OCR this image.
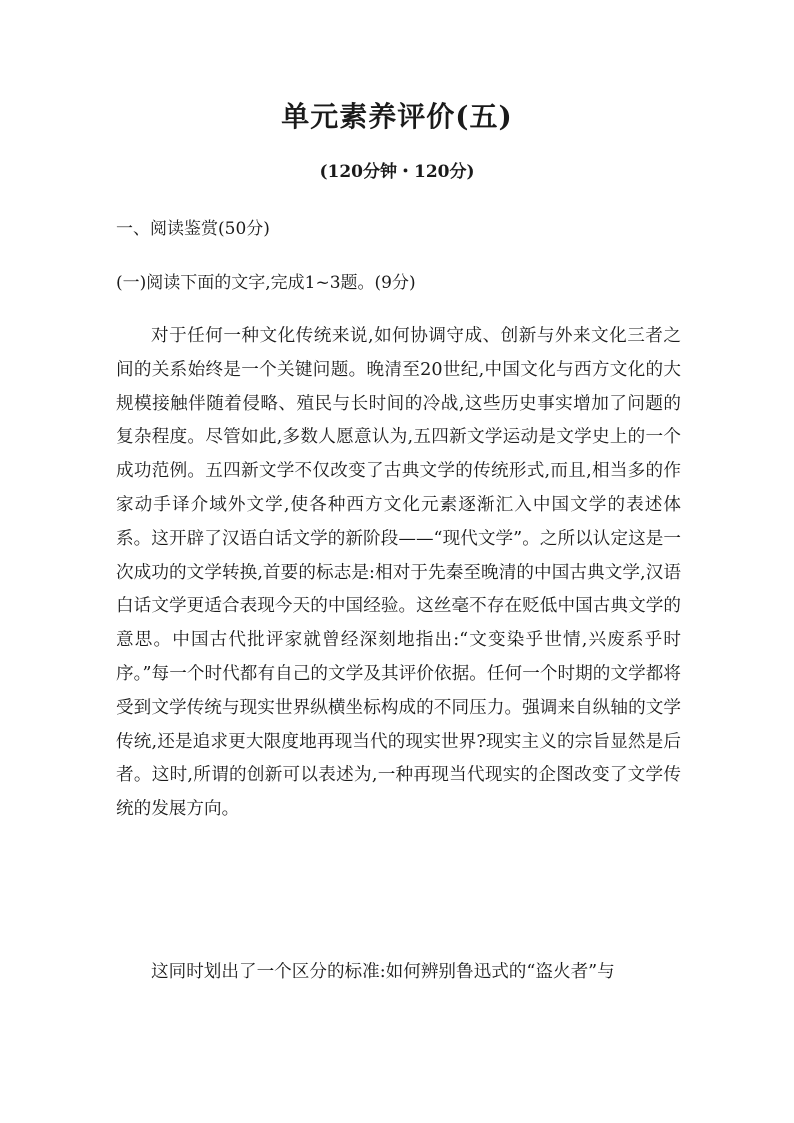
单元素养评价(五)
(120分钟・120分)
一、阅读鉴赏(50分)
(一)阅读下面的文字,完成1~3题。(9分)
对于任何一种文化传统来说,如何协调守成、创新与外来文化三者之间的关系始终是一个关键问题。晚清至20世纪,中国文化与西方文化的大规模接触伴随着侵略、殖民与长时间的冷战,这些历史事实增加了问题的复杂程度。尽管如此,多数人愿意认为,五四新文学运动是文学史上的一个成功范例。五四新文学不仅改变了古典文学的传统形式,而且,相当多的作家动手译介域外文学,使各种西方文化元素逐渐汇入中国文学的表述体系。这开辟了汉语白话文学的新阶段——“现代文学”。之所以认定这是一次成功的文学转换,首要的标志是:相对于先秦至晚清的中国古典文学,汉语白话文学更适合表现今天的中国经验。这丝毫不存在贬低中国古典文学的意思。中国古代批评家就曾经深刻地指出:“文变染乎世情,兴废系乎时序。”每一个时代都有自己的文学及其评价依据。任何一个时期的文学都将受到文学传统与现实世界纵横坐标构成的不同压力。强调来自纵轴的文学传统,还是追求更大限度地再现当代的现实世界?现实主义的宗旨显然是后者。这时,所谓的创新可以表述为,一种再现当代现实的企图改变了文学传统的发展方向。
这同时划出了一个区分的标准:如何辨别鲁迅式的“盗火者”与
